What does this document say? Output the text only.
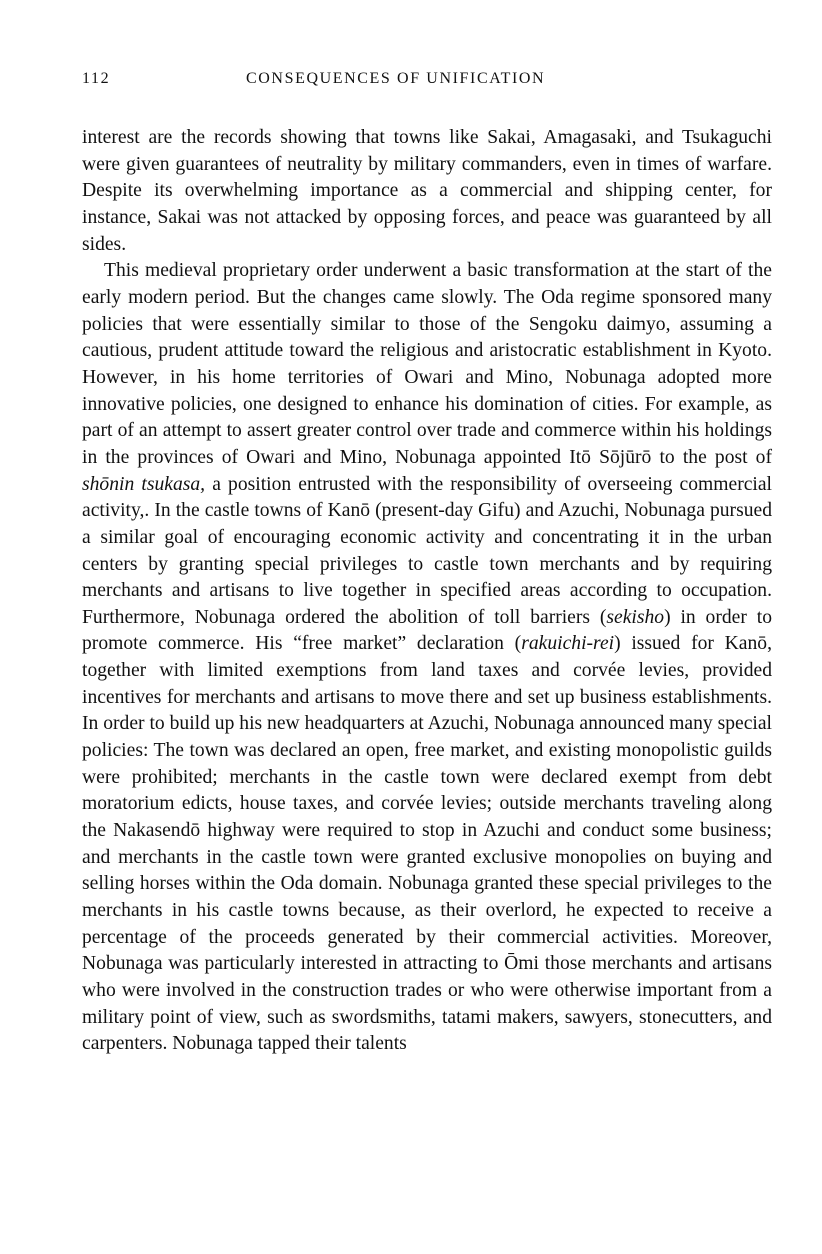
112	CONSEQUENCES OF UNIFICATION

interest are the records showing that towns like Sakai, Amagasaki, and Tsukaguchi were given guarantees of neutrality by military commanders, even in times of warfare. Despite its overwhelming importance as a commercial and shipping center, for instance, Sakai was not attacked by opposing forces, and peace was guaranteed by all sides.

This medieval proprietary order underwent a basic transformation at the start of the early modern period. But the changes came slowly. The Oda regime sponsored many policies that were essentially similar to those of the Sengoku daimyo, assuming a cautious, prudent attitude toward the religious and aristocratic establishment in Kyoto. However, in his home territories of Owari and Mino, Nobunaga adopted more innovative policies, one designed to enhance his domination of cities. For example, as part of an attempt to assert greater control over trade and commerce within his holdings in the provinces of Owari and Mino, Nobunaga appointed Itō Sōjūrō to the post of shōnin tsukasa, a position entrusted with the responsibility of overseeing commercial activity,. In the castle towns of Kanō (present-day Gifu) and Azuchi, Nobunaga pursued a similar goal of encouraging economic activity and concentrating it in the urban centers by granting special privileges to castle town merchants and by requiring merchants and artisans to live together in specified areas according to occupation. Furthermore, Nobunaga ordered the abolition of toll barriers (sekisho) in order to promote commerce. His “free market” declaration (rakuichi-rei) issued for Kanō, together with limited exemptions from land taxes and corvée levies, provided incentives for merchants and artisans to move there and set up business establishments. In order to build up his new headquarters at Azuchi, Nobunaga announced many special policies: The town was declared an open, free market, and existing monopolistic guilds were prohibited; merchants in the castle town were declared exempt from debt moratorium edicts, house taxes, and corvée levies; outside merchants traveling along the Nakasendō highway were required to stop in Azuchi and conduct some business; and merchants in the castle town were granted exclusive monopolies on buying and selling horses within the Oda domain. Nobunaga granted these special privileges to the merchants in his castle towns because, as their overlord, he expected to receive a percentage of the proceeds generated by their commercial activities. Moreover, Nobunaga was particularly interested in attracting to Ōmi those merchants and artisans who were involved in the construction trades or who were otherwise important from a military point of view, such as swordsmiths, tatami makers, sawyers, stonecutters, and carpenters. Nobunaga tapped their talents
